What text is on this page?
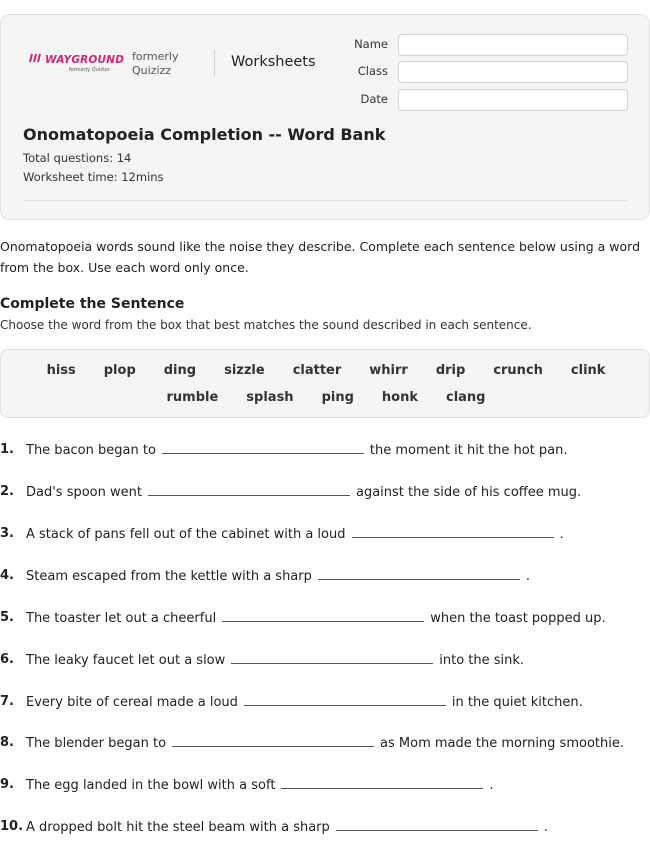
WAYGROUND
formerly Quizizz
formerly
Quizizz
Worksheets
Name
Class
Date
Onomatopoeia Completion -- Word Bank
Total questions: 14
Worksheet time: 12mins
Onomatopoeia words sound like the noise they describe. Complete each sentence below using a word from the box. Use each word only once.
Complete the Sentence
Choose the word from the box that best matches the sound described in each sentence.
hiss plop ding sizzle clatter whirr drip crunch clink
rumble splash ping honk clang
1. The bacon began to	the moment it hit the hot pan.
2. Dad's spoon went	against the side of his coffee mug.
3. A stack of pans fell out of the cabinet with a loud	.
4. Steam escaped from the kettle with a sharp	.
5. The toaster let out a cheerful	when the toast popped up.
6. The leaky faucet let out a slow	into the sink.
7. Every bite of cereal made a loud	in the quiet kitchen.
8. The blender began to	as Mom made the morning smoothie.
9. The egg landed in the bowl with a soft	.
10. A dropped bolt hit the steel beam with a sharp	.
